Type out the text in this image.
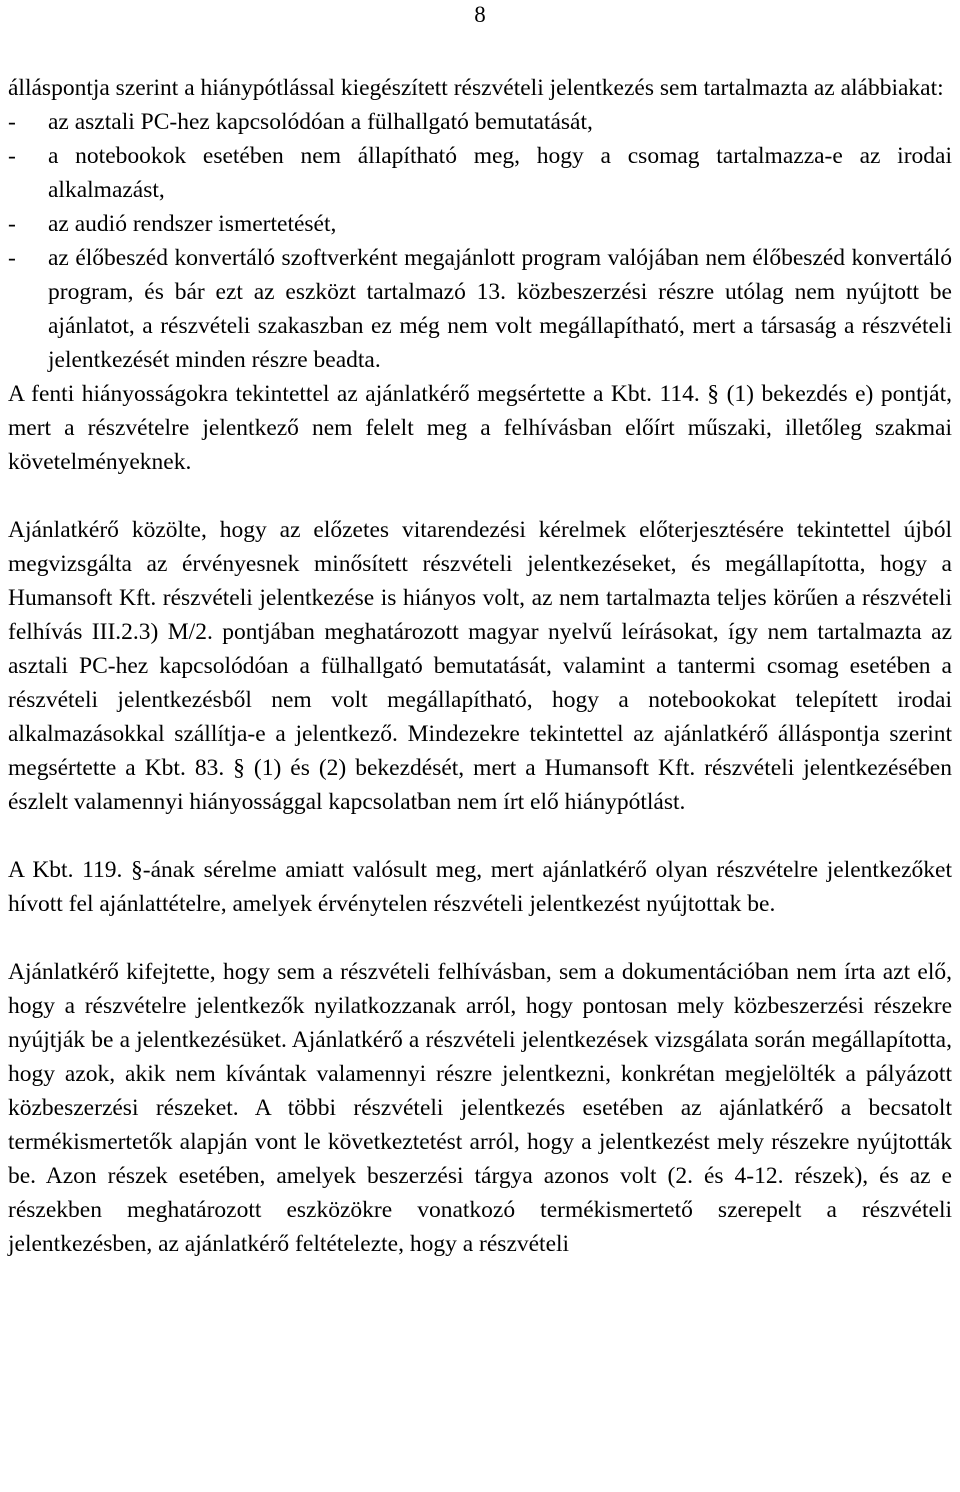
8

álláspontja szerint a hiánypótlással kiegészített részvételi jelentkezés sem tartalmazta az alábbiakat:

- az asztali PC-hez kapcsolódóan a fülhallgató bemutatását,
- a notebookok esetében nem állapítható meg, hogy a csomag tartalmazza-e az irodai alkalmazást,
- az audió rendszer ismertetését,
- az élőbeszéd konvertáló szoftverként megajánlott program valójában nem élőbeszéd konvertáló program, és bár ezt az eszközt tartalmazó 13. közbeszerzési részre utólag nem nyújtott be ajánlatot, a részvételi szakaszban ez még nem volt megállapítható, mert a társaság a részvételi jelentkezését minden részre beadta.

A fenti hiányosságokra tekintettel az ajánlatkérő megsértette a Kbt. 114. § (1) bekezdés e) pontját, mert a részvételre jelentkező nem felelt meg a felhívásban előírt műszaki, illetőleg szakmai követelményeknek.

Ajánlatkérő közölte, hogy az előzetes vitarendezési kérelmek előterjesztésére tekintettel újból megvizsgálta az érvényesnek minősített részvételi jelentkezéseket, és megállapította, hogy a Humansoft Kft. részvételi jelentkezése is hiányos volt, az nem tartalmazta teljes körűen a részvételi felhívás III.2.3) M/2. pontjában meghatározott magyar nyelvű leírásokat, így nem tartalmazta az asztali PC-hez kapcsolódóan a fülhallgató bemutatását, valamint a tantermi csomag esetében a részvételi jelentkezésből nem volt megállapítható, hogy a notebookokat telepített irodai alkalmazásokkal szállítja-e a jelentkező. Mindezekre tekintettel az ajánlatkérő álláspontja szerint megsértette a Kbt. 83. § (1) és (2) bekezdését, mert a Humansoft Kft. részvételi jelentkezésében észlelt valamennyi hiányossággal kapcsolatban nem írt elő hiánypótlást.

A Kbt. 119. §-ának sérelme amiatt valósult meg, mert ajánlatkérő olyan részvételre jelentkezőket hívott fel ajánlattételre, amelyek érvénytelen részvételi jelentkezést nyújtottak be.

Ajánlatkérő kifejtette, hogy sem a részvételi felhívásban, sem a dokumentációban nem írta azt elő, hogy a részvételre jelentkezők nyilatkozzanak arról, hogy pontosan mely közbeszerzési részekre nyújtják be a jelentkezésüket. Ajánlatkérő a részvételi jelentkezések vizsgálata során megállapította, hogy azok, akik nem kívántak valamennyi részre jelentkezni, konkrétan megjelölték a pályázott közbeszerzési részeket. A többi részvételi jelentkezés esetében az ajánlatkérő a becsatolt termékismertetők alapján vont le következtetést arról, hogy a jelentkezést mely részekre nyújtották be. Azon részek esetében, amelyek beszerzési tárgya azonos volt (2. és 4-12. részek), és az e részekben meghatározott eszközökre vonatkozó termékismertető szerepelt a részvételi jelentkezésben, az ajánlatkérő feltételezte, hogy a részvételi
